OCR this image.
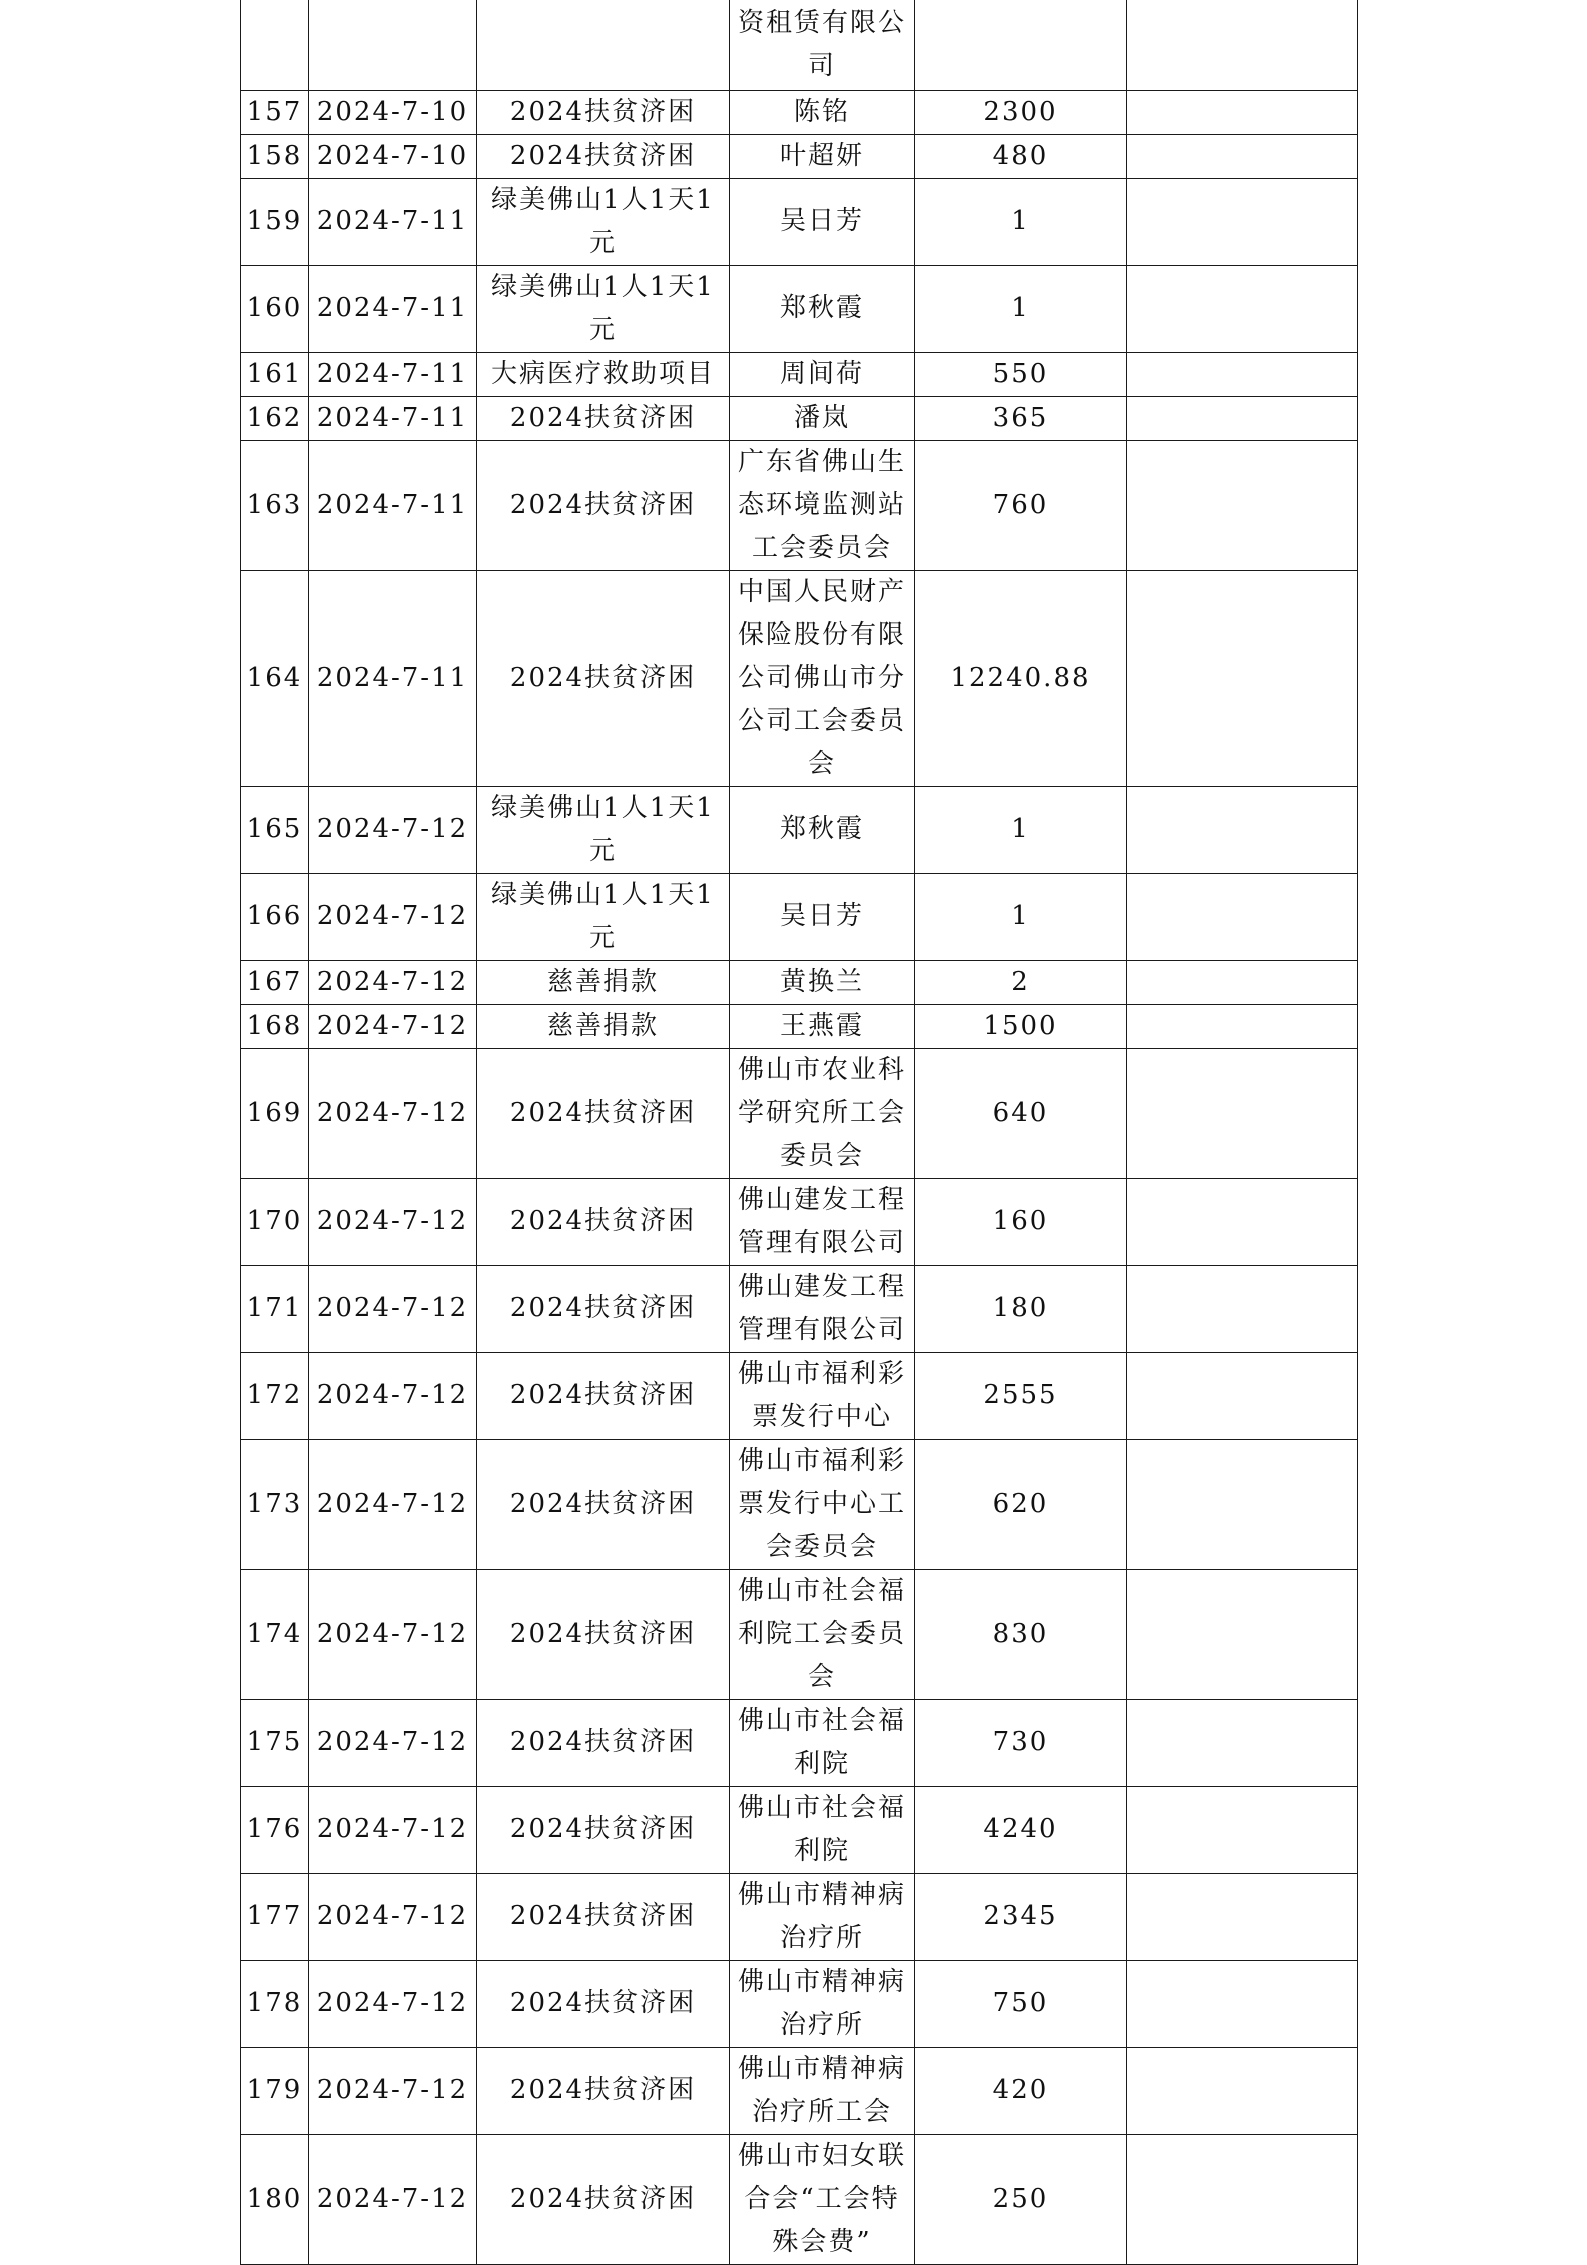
			资租赁有限公司		
157	2024-7-10	2024扶贫济困	陈铭	2300	
158	2024-7-10	2024扶贫济困	叶超妍	480	
159	2024-7-11	绿美佛山1人1天1元	吴日芳	1	
160	2024-7-11	绿美佛山1人1天1元	郑秋霞	1	
161	2024-7-11	大病医疗救助项目	周间荷	550	
162	2024-7-11	2024扶贫济困	潘岚	365	
163	2024-7-11	2024扶贫济困	广东省佛山生态环境监测站工会委员会	760	
164	2024-7-11	2024扶贫济困	中国人民财产保险股份有限公司佛山市分公司工会委员会	12240.88	
165	2024-7-12	绿美佛山1人1天1元	郑秋霞	1	
166	2024-7-12	绿美佛山1人1天1元	吴日芳	1	
167	2024-7-12	慈善捐款	黄换兰	2	
168	2024-7-12	慈善捐款	王燕霞	1500	
169	2024-7-12	2024扶贫济困	佛山市农业科学研究所工会委员会	640	
170	2024-7-12	2024扶贫济困	佛山建发工程管理有限公司	160	
171	2024-7-12	2024扶贫济困	佛山建发工程管理有限公司	180	
172	2024-7-12	2024扶贫济困	佛山市福利彩票发行中心	2555	
173	2024-7-12	2024扶贫济困	佛山市福利彩票发行中心工会委员会	620	
174	2024-7-12	2024扶贫济困	佛山市社会福利院工会委员会	830	
175	2024-7-12	2024扶贫济困	佛山市社会福利院	730	
176	2024-7-12	2024扶贫济困	佛山市社会福利院	4240	
177	2024-7-12	2024扶贫济困	佛山市精神病治疗所	2345	
178	2024-7-12	2024扶贫济困	佛山市精神病治疗所	750	
179	2024-7-12	2024扶贫济困	佛山市精神病治疗所工会	420	
180	2024-7-12	2024扶贫济困	佛山市妇女联合会“工会特殊会费”	250	
